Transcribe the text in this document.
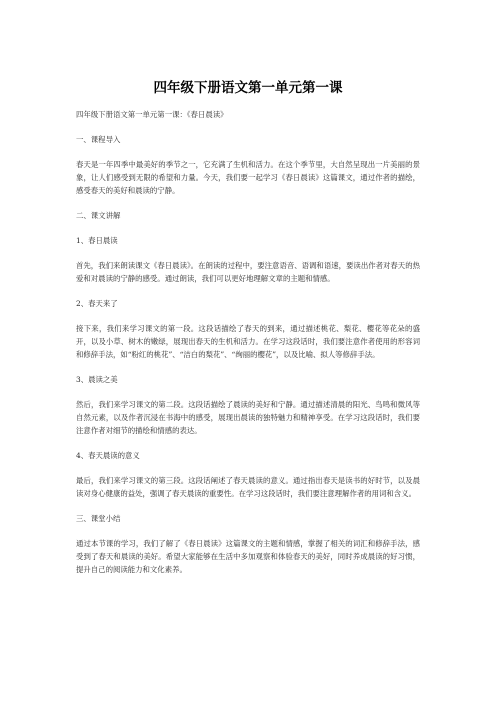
四年级下册语文第一单元第一课

四年级下册语文第一单元第一课：《春日晨读》

一、课程导入

春天是一年四季中最美好的季节之一，它充满了生机和活力。在这个季节里，大自然呈现出一片美丽的景象，让人们感受到无限的希望和力量。今天，我们要一起学习《春日晨读》这篇课文，通过作者的描绘，感受春天的美好和晨读的宁静。

二、课文讲解

1、春日晨读

首先，我们来朗读课文《春日晨读》。在朗读的过程中，要注意语音、语调和语速，要读出作者对春天的热爱和对晨读的宁静的感受。通过朗读，我们可以更好地理解文章的主题和情感。

2、春天来了

接下来，我们来学习课文的第一段。这段话描绘了春天的到来，通过描述桃花、梨花、樱花等花朵的盛开，以及小草、树木的嫩绿，展现出春天的生机和活力。在学习这段话时，我们要注意作者使用的形容词和修辞手法，如“粉红的桃花”、“洁白的梨花”、“绚丽的樱花”，以及比喻、拟人等修辞手法。

3、晨读之美

然后，我们来学习课文的第二段。这段话描绘了晨读的美好和宁静。通过描述清晨的阳光、鸟鸣和微风等自然元素，以及作者沉浸在书海中的感受，展现出晨读的独特魅力和精神享受。在学习这段话时，我们要注意作者对细节的描绘和情感的表达。

4、春天晨读的意义

最后，我们来学习课文的第三段。这段话阐述了春天晨读的意义。通过指出春天是读书的好时节，以及晨读对身心健康的益处，强调了春天晨读的重要性。在学习这段话时，我们要注意理解作者的用词和含义。

三、课堂小结

通过本节课的学习，我们了解了《春日晨读》这篇课文的主题和情感，掌握了相关的词汇和修辞手法，感受到了春天和晨读的美好。希望大家能够在生活中多加观察和体验春天的美好，同时养成晨读的好习惯，提升自己的阅读能力和文化素养。
